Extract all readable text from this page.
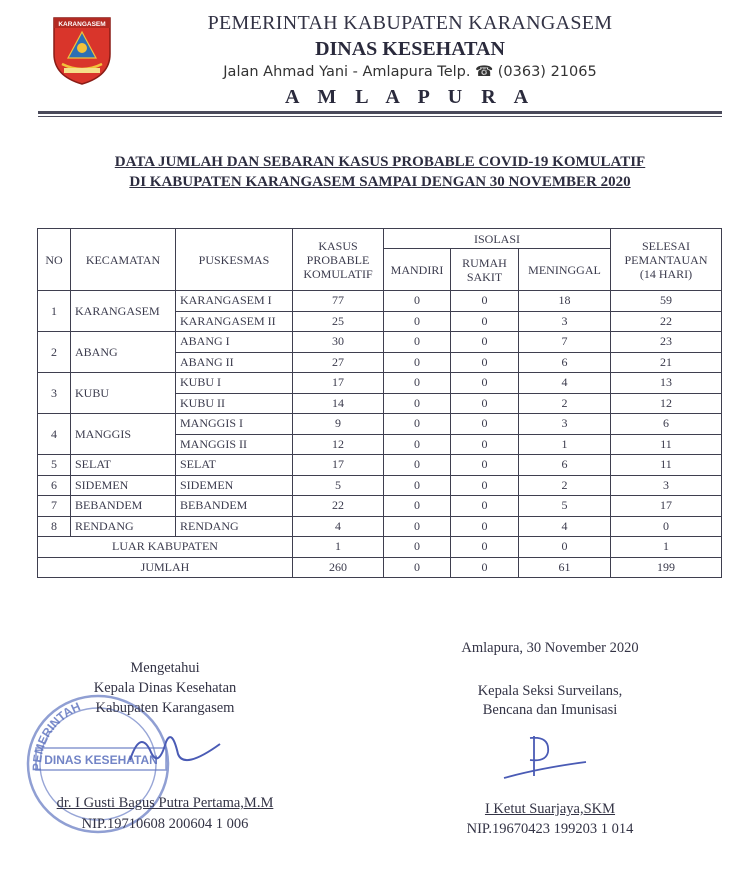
KARANGASEM	PEMERINTAH KABUPATEN KARANGASEM
DINAS KESEHATAN
Jalan Ahmad Yani - Amlapura Telp. ☎ (0363) 21065
A M L A P U R A
DATA JUMLAH DAN SEBARAN KASUS PROBABLE COVID-19 KOMULATIF
DI KABUPATEN KARANGASEM SAMPAI DENGAN 30 NOVEMBER 2020
NO	KECAMATAN	PUSKESMAS	KASUS PROBABLE KOMULATIF	ISOLASI			SELESAI PEMANTAUAN (14 HARI)
				MANDIRI	RUMAH SAKIT	MENINGGAL	
1	KARANGASEM	KARANGASEM I	77	0	0	18	59
		KARANGASEM II	25	0	0	3	22
2	ABANG	ABANG I	30	0	0	7	23
		ABANG II	27	0	0	6	21
3	KUBU	KUBU I	17	0	0	4	13
		KUBU II	14	0	0	2	12
4	MANGGIS	MANGGIS I	9	0	0	3	6
		MANGGIS II	12	0	0	1	11
5	SELAT	SELAT	17	0	0	6	11
6	SIDEMEN	SIDEMEN	5	0	0	2	3
7	BEBANDEM	BEBANDEM	22	0	0	5	17
8	RENDANG	RENDANG	4	0	0	4	0
LUAR KABUPATEN			1	0	0	0	1
JUMLAH			260	0	0	61	199
PEMERINTAH
DINAS KESEHATAN
Mengetahui
Kepala Dinas Kesehatan
Kabupaten Karangasem
dr. I Gusti Bagus Putra Pertama,M.M
NIP.19710608 200604 1 006
Amlapura, 30 November 2020
Kepala Seksi Surveilans,
Bencana dan Imunisasi
I Ketut Suarjaya,SKM
NIP.19670423 199203 1 014
